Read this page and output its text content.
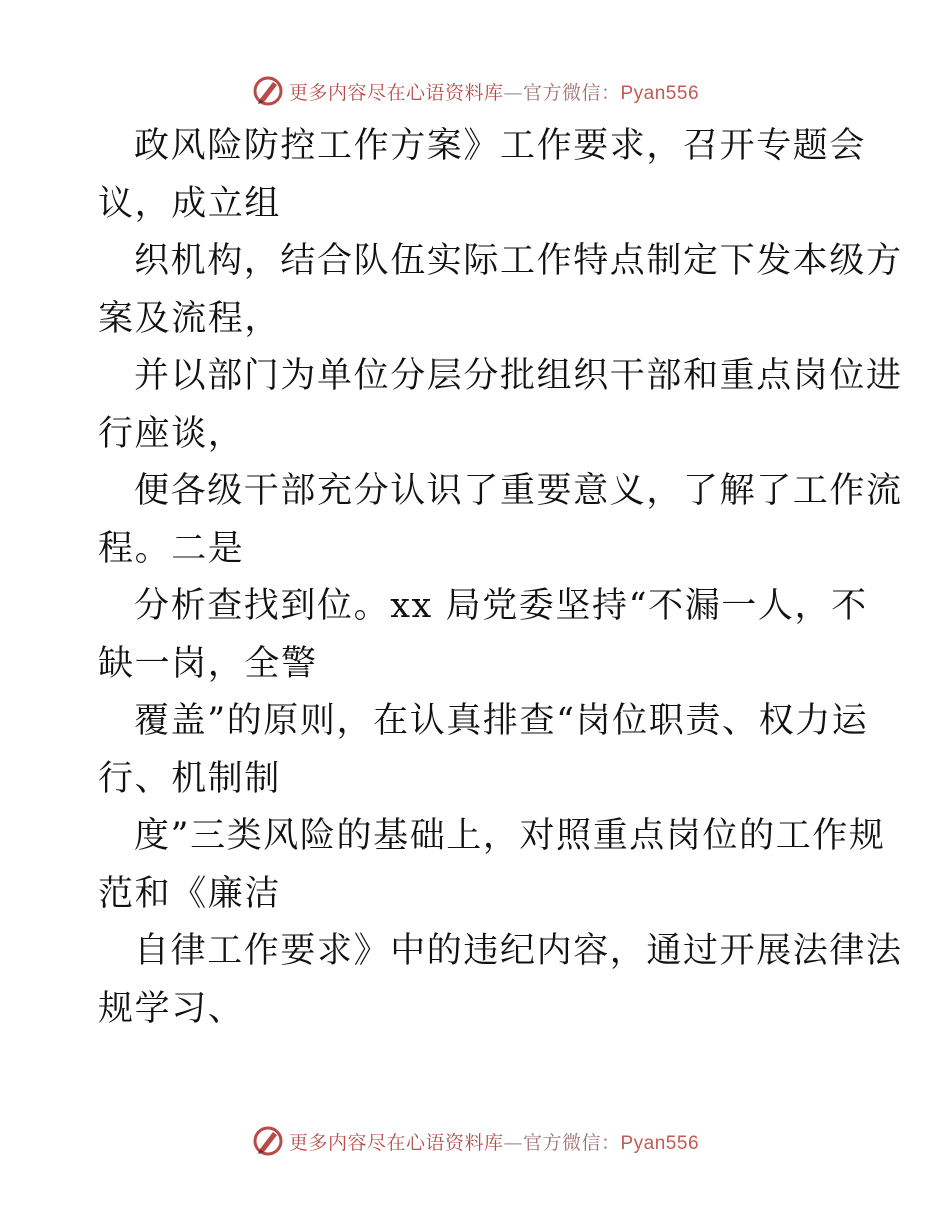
更多内容尽在心语资料库—官方微信：Pyan556
政风险防控工作方案》工作要求，召开专题会
议，成立组
织机构，结合队伍实际工作特点制定下发本级方
案及流程，
并以部门为单位分层分批组织干部和重点岗位进
行座谈，
便各级干部充分认识了重要意义，了解了工作流
程。二是
分析查找到位。xx 局党委坚持“不漏一人，不
缺一岗，全警
覆盖”的原则，在认真排查“岗位职责、权力运
行、机制制
度”三类风险的基础上，对照重点岗位的工作规
范和《廉洁
自律工作要求》中的违纪内容，通过开展法律法
规学习、
更多内容尽在心语资料库—官方微信：Pyan556
